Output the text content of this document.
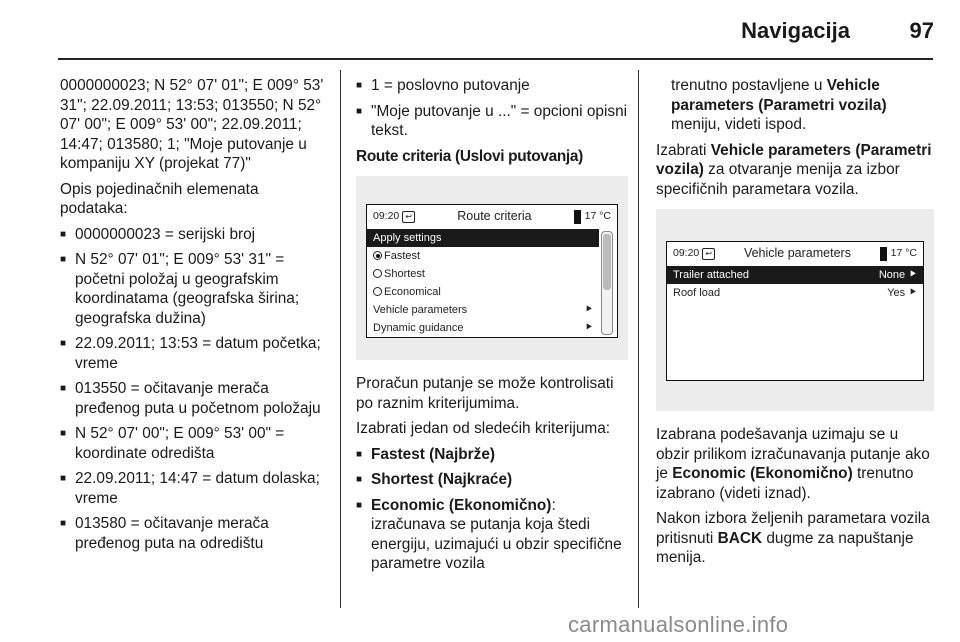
Navigacija	97

0000000023; N 52° 07' 01"; E 009° 53' 31"; 22.09.2011; 13:53; 013550; N 52° 07' 00"; E 009° 53' 00"; 22.09.2011; 14:47; 013580; 1; "Moje putovanje u kompaniju XY (projekat 77)"

Opis pojedinačnih elemenata podataka:

■ 0000000023 = serijski broj
■ N 52° 07' 01"; E 009° 53' 31" = početni položaj u geografskim koordinatama (geografska širina; geografska dužina)
■ 22.09.2011; 13:53 = datum početka; vreme
■ 013550 = očitavanje merača pređenog puta u početnom položaju
■ N 52° 07' 00"; E 009° 53' 00" = koordinate odredišta
■ 22.09.2011; 14:47 = datum dolaska; vreme
■ 013580 = očitavanje merača pređenog puta na odredištu
■ 1 = poslovno putovanje
■ "Moje putovanje u ..." = opcioni opisni tekst.
Route criteria (Uslovi putovanja)
09:20 ↩	Route criteria	17 °C
Apply settings
Fastest
Shortest
Economical
Vehicle parameters	⯈
Dynamic guidance	⯈

Proračun putanje se može kontrolisati po raznim kriterijumima.

Izabrati jedan od sledećih kriterijuma:

■ Fastest (Najbrže)
■ Shortest (Najkraće)
■ Economic (Ekonomično): izračunava se putanja koja štedi energiju, uzimajući u obzir specifične parametre vozila

trenutno postavljene u Vehicle parameters (Parametri vozila) meniju, videti ispod.

Izabrati Vehicle parameters (Parametri vozila) za otvaranje menija za izbor specifičnih parametara vozila.

09:20 ↩	Vehicle parameters	17 °C
Trailer attached	None ⯈
Roof load	Yes ⯈

Izabrana podešavanja uzimaju se u obzir prilikom izračunavanja putanje ako je Economic (Ekonomično) trenutno izabrano (videti iznad).

Nakon izbora željenih parametara vozila pritisnuti BACK dugme za napuštanje menija.

carmanualsonline.info
